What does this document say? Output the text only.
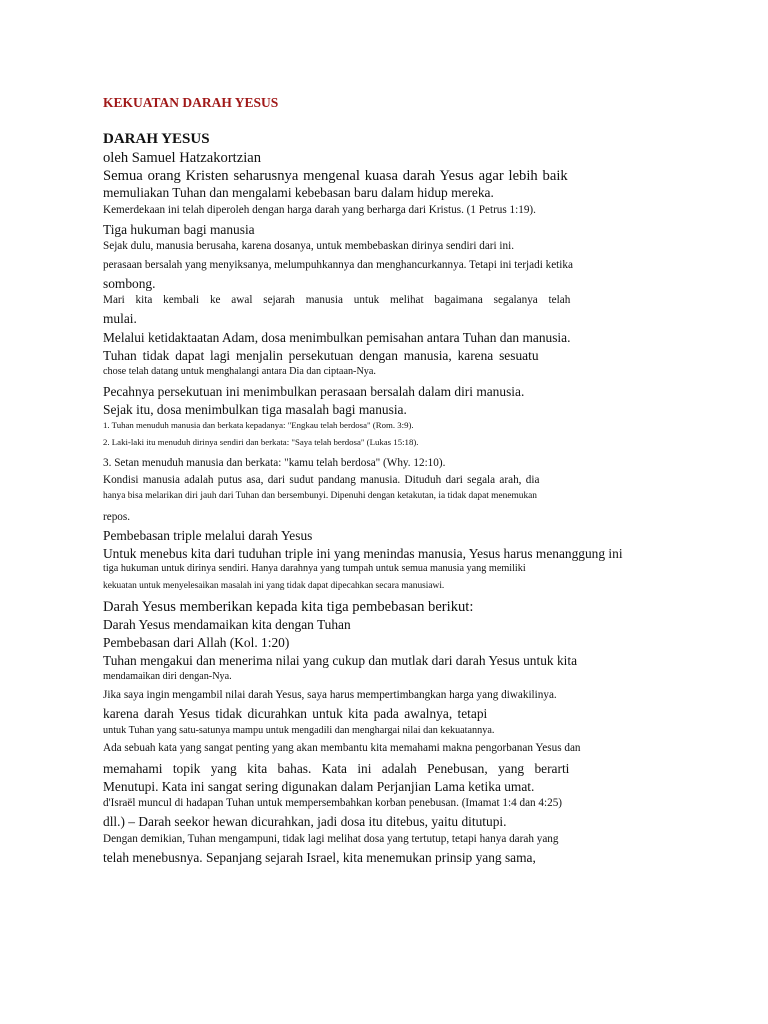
KEKUATAN DARAH YESUS
DARAH YESUS
oleh Samuel Hatzakortzian
Semua orang Kristen seharusnya mengenal kuasa darah Yesus agar lebih baik
memuliakan Tuhan dan mengalami kebebasan baru dalam hidup mereka.
Kemerdekaan ini telah diperoleh dengan harga darah yang berharga dari Kristus. (1 Petrus 1:19).
Tiga hukuman bagi manusia
Sejak dulu, manusia berusaha, karena dosanya, untuk membebaskan dirinya sendiri dari ini.
perasaan bersalah yang menyiksanya, melumpuhkannya dan menghancurkannya. Tetapi ini terjadi ketika
sombong.
Mari kita kembali ke awal sejarah manusia untuk melihat bagaimana segalanya telah
mulai.
Melalui ketidaktaatan Adam, dosa menimbulkan pemisahan antara Tuhan dan manusia.
Tuhan tidak dapat lagi menjalin persekutuan dengan manusia, karena sesuatu
chose telah datang untuk menghalangi antara Dia dan ciptaan-Nya.
Pecahnya persekutuan ini menimbulkan perasaan bersalah dalam diri manusia.
Sejak itu, dosa menimbulkan tiga masalah bagi manusia.
1. Tuhan menuduh manusia dan berkata kepadanya: "Engkau telah berdosa" (Rom. 3:9).
2. Laki-laki itu menuduh dirinya sendiri dan berkata: "Saya telah berdosa" (Lukas 15:18).
3. Setan menuduh manusia dan berkata: "kamu telah berdosa" (Why. 12:10).
Kondisi manusia adalah putus asa, dari sudut pandang manusia. Dituduh dari segala arah, dia
hanya bisa melarikan diri jauh dari Tuhan dan bersembunyi. Dipenuhi dengan ketakutan, ia tidak dapat menemukan
repos.
Pembebasan triple melalui darah Yesus
Untuk menebus kita dari tuduhan triple ini yang menindas manusia, Yesus harus menanggung ini
tiga hukuman untuk dirinya sendiri. Hanya darahnya yang tumpah untuk semua manusia yang memiliki
kekuatan untuk menyelesaikan masalah ini yang tidak dapat dipecahkan secara manusiawi.
Darah Yesus memberikan kepada kita tiga pembebasan berikut:
Darah Yesus mendamaikan kita dengan Tuhan
Pembebasan dari Allah (Kol. 1:20)
Tuhan mengakui dan menerima nilai yang cukup dan mutlak dari darah Yesus untuk kita
mendamaikan diri dengan-Nya.
Jika saya ingin mengambil nilai darah Yesus, saya harus mempertimbangkan harga yang diwakilinya.
karena darah Yesus tidak dicurahkan untuk kita pada awalnya, tetapi
untuk Tuhan yang satu-satunya mampu untuk mengadili dan menghargai nilai dan kekuatannya.
Ada sebuah kata yang sangat penting yang akan membantu kita memahami makna pengorbanan Yesus dan
memahami topik yang kita bahas. Kata ini adalah Penebusan, yang berarti
Menutupi. Kata ini sangat sering digunakan dalam Perjanjian Lama ketika umat.
d'Israël muncul di hadapan Tuhan untuk mempersembahkan korban penebusan. (Imamat 1:4 dan 4:25)
dll.) – Darah seekor hewan dicurahkan, jadi dosa itu ditebus, yaitu ditutupi.
Dengan demikian, Tuhan mengampuni, tidak lagi melihat dosa yang tertutup, tetapi hanya darah yang
telah menebusnya. Sepanjang sejarah Israel, kita menemukan prinsip yang sama,
